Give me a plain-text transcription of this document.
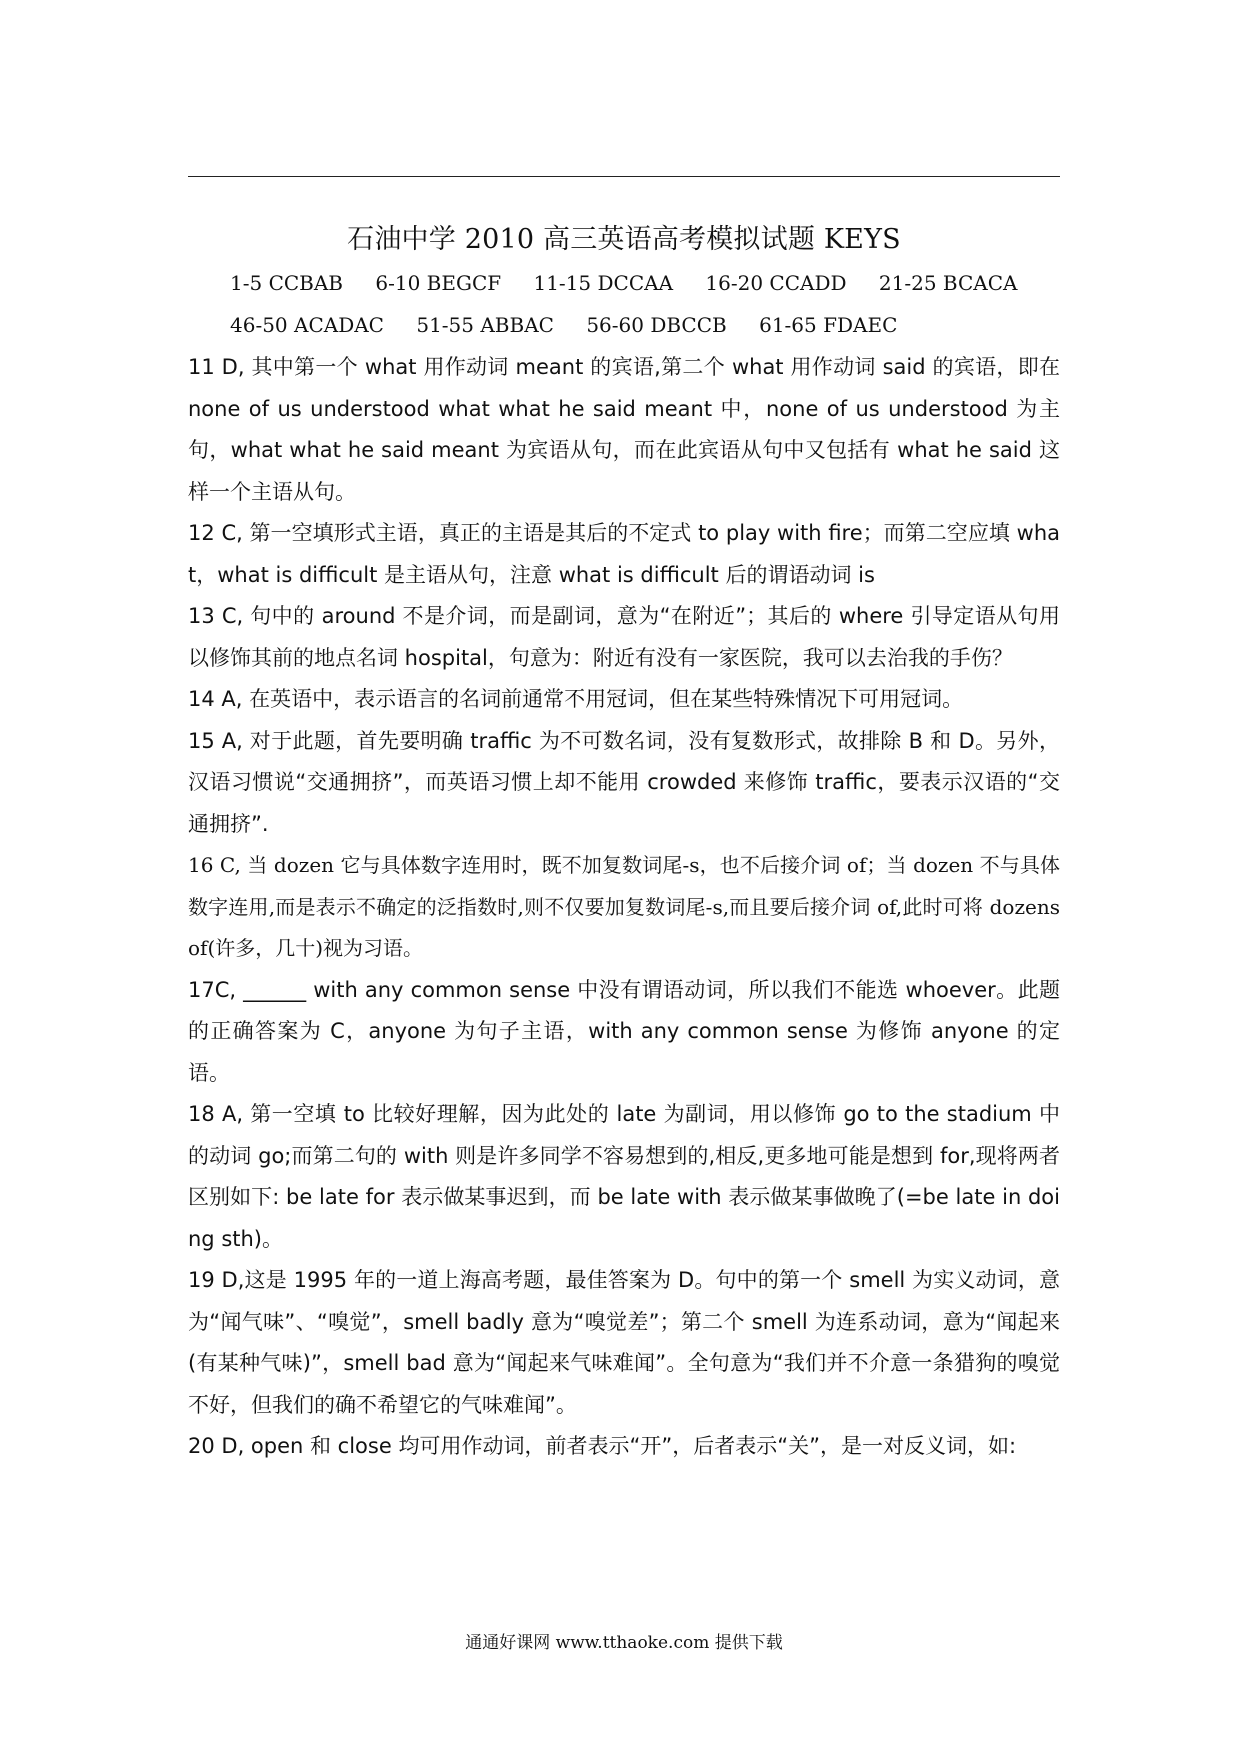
石油中学 2010 高三英语高考模拟试题 KEYS
1-5 CCBAB 6-10 BEGCF 11-15 DCCAA 16-20 CCADD 21-25 BCACA
46-50 ACADAC 51-55 ABBAC 56-60 DBCCB 61-65 FDAEC

11 D, 其中第一个 what 用作动词 meant 的宾语,第二个 what 用作动词 said 的宾语，即在 none of us understood what what he said meant 中，none of us understood 为主句，what what he said meant 为宾语从句，而在此宾语从句中又包括有 what he said 这样一个主语从句。

12 C, 第一空填形式主语，真正的主语是其后的不定式 to play with fire；而第二空应填 what，what is difficult 是主语从句，注意 what is difficult 后的谓语动词 is

13 C, 句中的 around 不是介词，而是副词，意为“在附近”；其后的 where 引导定语从句用以修饰其前的地点名词 hospital，句意为：附近有没有一家医院，我可以去治我的手伤？

14 A, 在英语中，表示语言的名词前通常不用冠词，但在某些特殊情况下可用冠词。

15 A, 对于此题，首先要明确 traffic 为不可数名词，没有复数形式，故排除 B 和 D。另外，汉语习惯说“交通拥挤”，而英语习惯上却不能用 crowded 来修饰 traffic，要表示汉语的“交通拥挤”.

16 C, 当 dozen 它与具体数字连用时，既不加复数词尾-s，也不后接介词 of；当 dozen 不与具体数字连用,而是表示不确定的泛指数时,则不仅要加复数词尾-s,而且要后接介词 of,此时可将 dozens of(许多，几十)视为习语。

17C, ______ with any common sense 中没有谓语动词，所以我们不能选 whoever。此题的正确答案为 C，anyone 为句子主语，with any common sense 为修饰 anyone 的定语。

18 A, 第一空填 to 比较好理解，因为此处的 late 为副词，用以修饰 go to the stadium 中的动词 go;而第二句的 with 则是许多同学不容易想到的,相反,更多地可能是想到 for,现将两者区别如下: be late for 表示做某事迟到，而 be late with 表示做某事做晚了(=be late in doing sth)。

19 D,这是 1995 年的一道上海高考题，最佳答案为 D。句中的第一个 smell 为实义动词，意为“闻气味”、“嗅觉”，smell badly 意为“嗅觉差”；第二个 smell 为连系动词，意为“闻起来(有某种气味)”，smell bad 意为“闻起来气味难闻”。全句意为“我们并不介意一条猎狗的嗅觉不好，但我们的确不希望它的气味难闻”。

20 D, open 和 close 均可用作动词，前者表示“开”，后者表示“关”，是一对反义词，如:

通通好课网 www.tthaoke.com 提供下载
